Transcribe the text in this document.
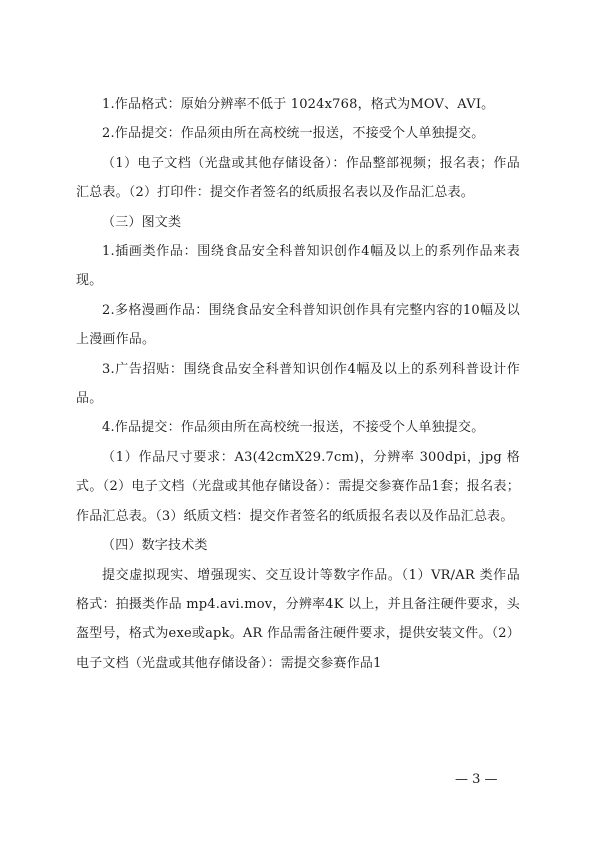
1.作品格式：原始分辨率不低于 1024x768，格式为MOV、AVI。

2.作品提交：作品须由所在高校统一报送，不接受个人单独提交。

（1）电子文档（光盘或其他存储设备）：作品整部视频；报名表；作品汇总表。（2）打印件：提交作者签名的纸质报名表以及作品汇总表。

（三）图文类

1.插画类作品：围绕食品安全科普知识创作4幅及以上的系列作品来表现。

2.多格漫画作品：围绕食品安全科普知识创作具有完整内容的10幅及以上漫画作品。

3.广告招贴：围绕食品安全科普知识创作4幅及以上的系列科普设计作品。

4.作品提交：作品须由所在高校统一报送，不接受个人单独提交。

（1）作品尺寸要求：A3(42cmX29.7cm)，分辨率 300dpi，jpg 格式。（2）电子文档（光盘或其他存储设备）：需提交参赛作品1套；报名表；作品汇总表。（3）纸质文档：提交作者签名的纸质报名表以及作品汇总表。

（四）数字技术类

提交虚拟现实、增强现实、交互设计等数字作品。（1）VR/AR 类作品格式：拍摄类作品 mp4.avi.mov，分辨率4K 以上，并且备注硬件要求，头盔型号，格式为exe或apk。AR 作品需备注硬件要求，提供安装文件。（2）电子文档（光盘或其他存储设备）：需提交参赛作品1

— 3 —
